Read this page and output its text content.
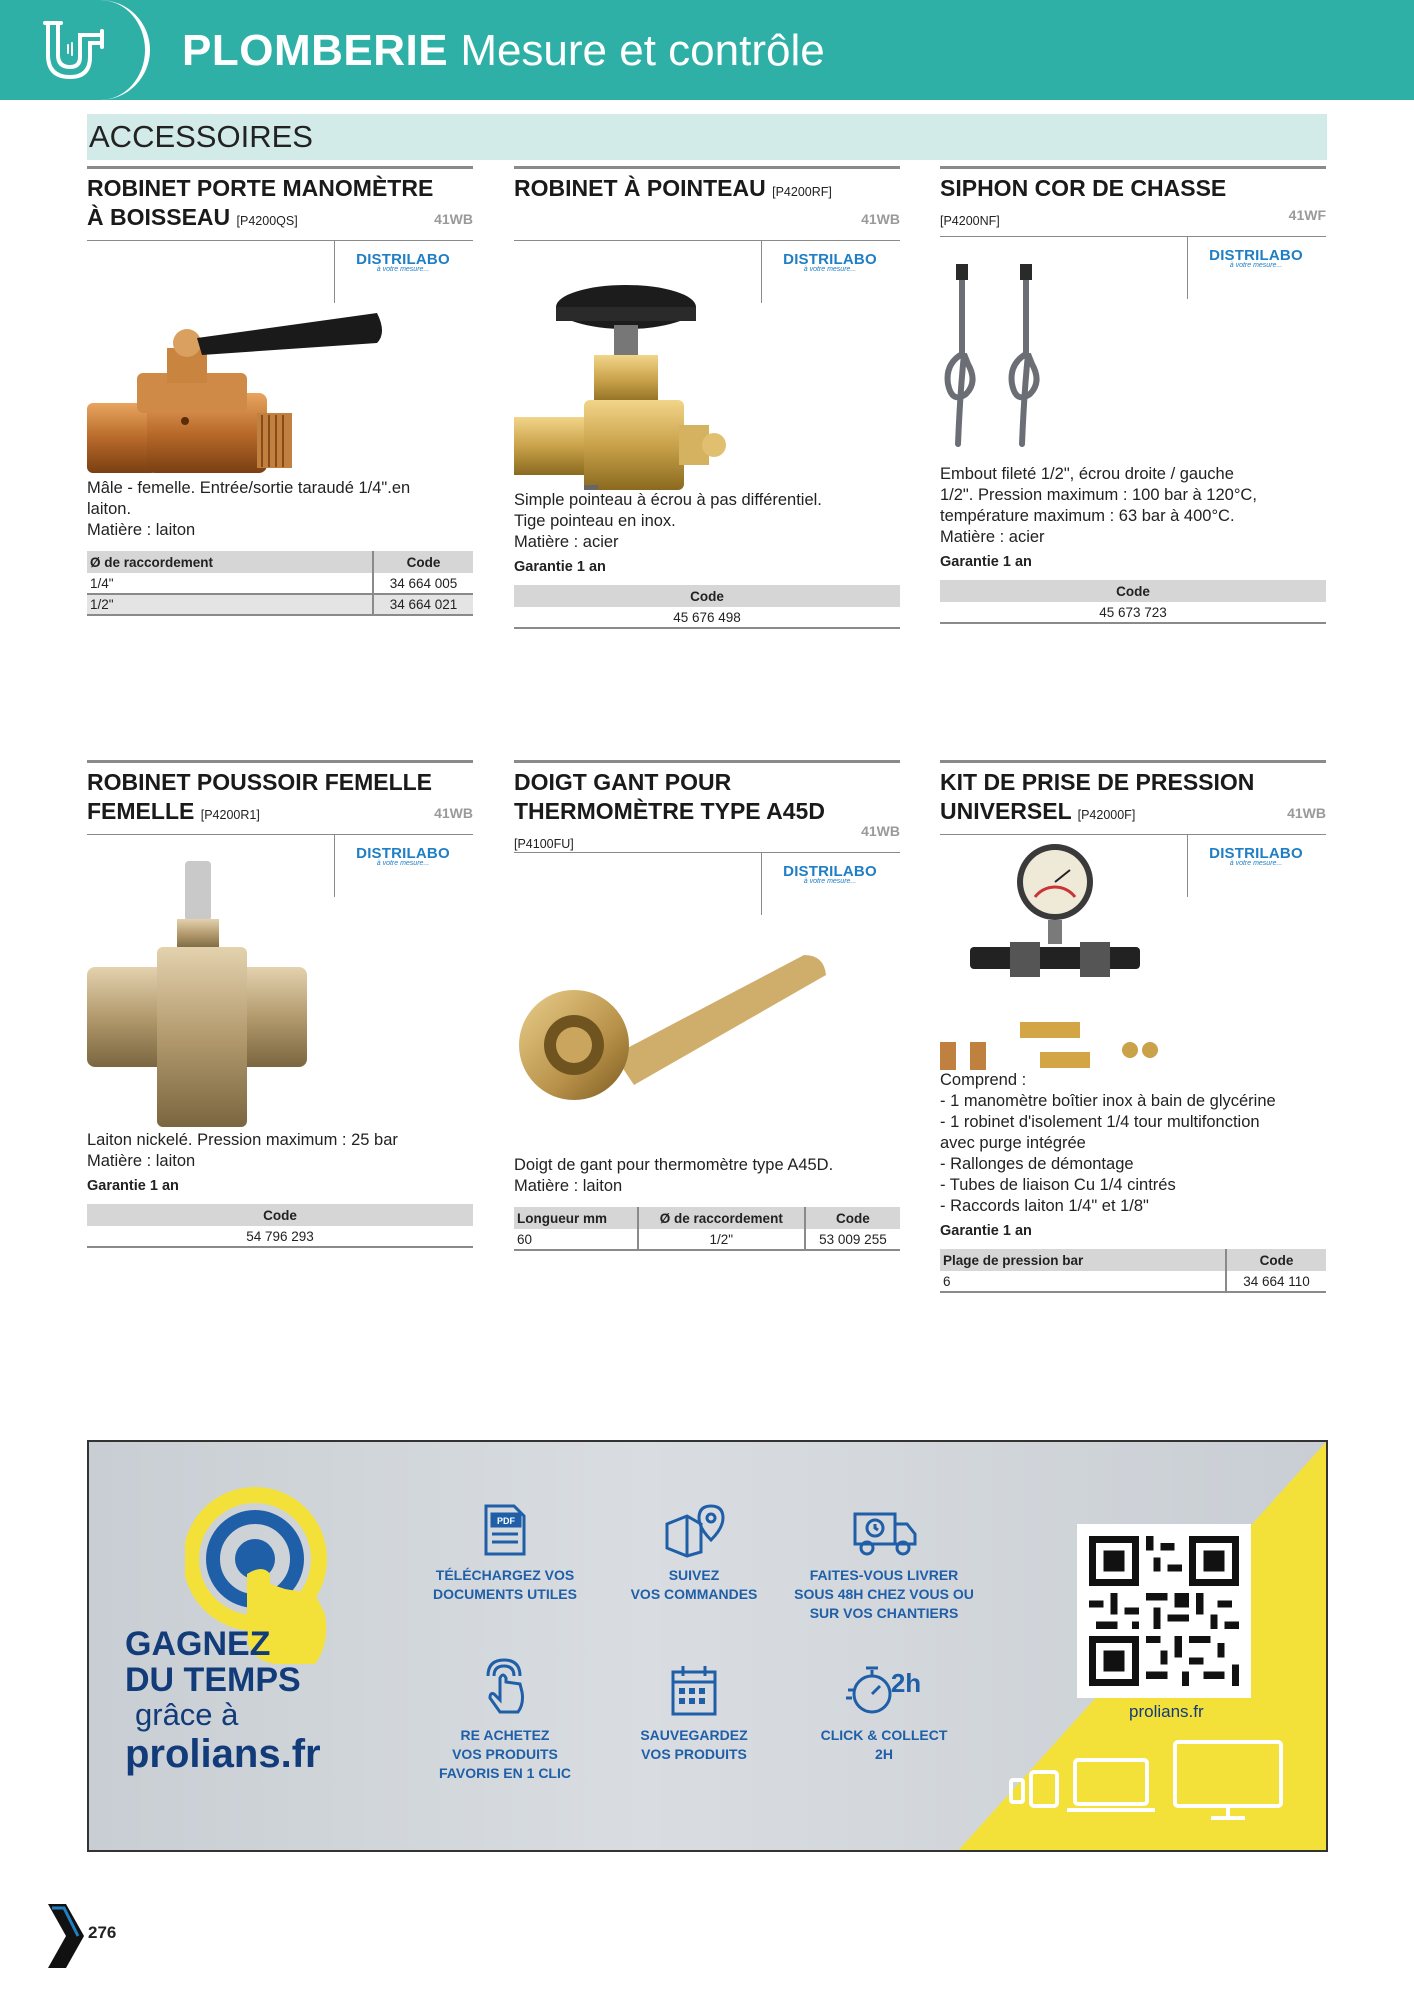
PLOMBERIE Mesure et contrôle
ACCESSOIRES
ROBINET PORTE MANOMÈTRE
À BOISSEAU [P4200QS]	41WB
DISTRILABO
à votre mesure...
Mâle - femelle. Entrée/sortie taraudé 1/4".en
laiton.
Matière : laiton
Ø de raccordement	Code
1/4"	34 664 005
1/2"	34 664 021
ROBINET À POINTEAU [P4200RF]
41WB
DISTRILABO
à votre mesure...
Simple pointeau à écrou à pas différentiel.
Tige pointeau en inox.
Matière : acier
Garantie 1 an
Code
45 676 498
SIPHON COR DE CHASSE
[P4200NF]	41WF
DISTRILABO
à votre mesure...
Embout fileté 1/2", écrou droite / gauche
1/2". Pression maximum : 100 bar à 120°C,
température maximum : 63 bar à 400°C.
Matière : acier
Garantie 1 an
Code
45 673 723
ROBINET POUSSOIR FEMELLE
FEMELLE [P4200R1]	41WB
DISTRILABO
à votre mesure...
Laiton nickelé. Pression maximum : 25 bar
Matière : laiton
Garantie 1 an
Code
54 796 293
DOIGT GANT POUR
THERMOMÈTRE TYPE A45D
[P4100FU]
41WB
DISTRILABO
à votre mesure...
Doigt de gant pour thermomètre type A45D.
Matière : laiton
Longueur mm	Ø de raccordement	Code
60	1/2"	53 009 255
KIT DE PRISE DE PRESSION
UNIVERSEL [P42000F]	41WB
DISTRILABO
à votre mesure...
Comprend :
- 1 manomètre boîtier inox à bain de glycérine
- 1 robinet d'isolement 1/4 tour multifonction
avec purge intégrée
- Rallonges de démontage
- Tubes de liaison Cu 1/4 cintrés
- Raccords laiton 1/4" et 1/8"
Garantie 1 an
Plage de pression bar	Code
6	34 664 110
GAGNEZ
DU TEMPS
grâce à
prolians.fr
PDF
TÉLÉCHARGEZ VOS
DOCUMENTS UTILES
SUIVEZ
VOS COMMANDES
FAITES-VOUS LIVRER
SOUS 48H CHEZ VOUS OU
SUR VOS CHANTIERS
RE ACHETEZ
VOS PRODUITS
FAVORIS EN 1 CLIC
SAUVEGARDEZ
VOS PRODUITS
2h
CLICK & COLLECT
2H
prolians.fr
276
